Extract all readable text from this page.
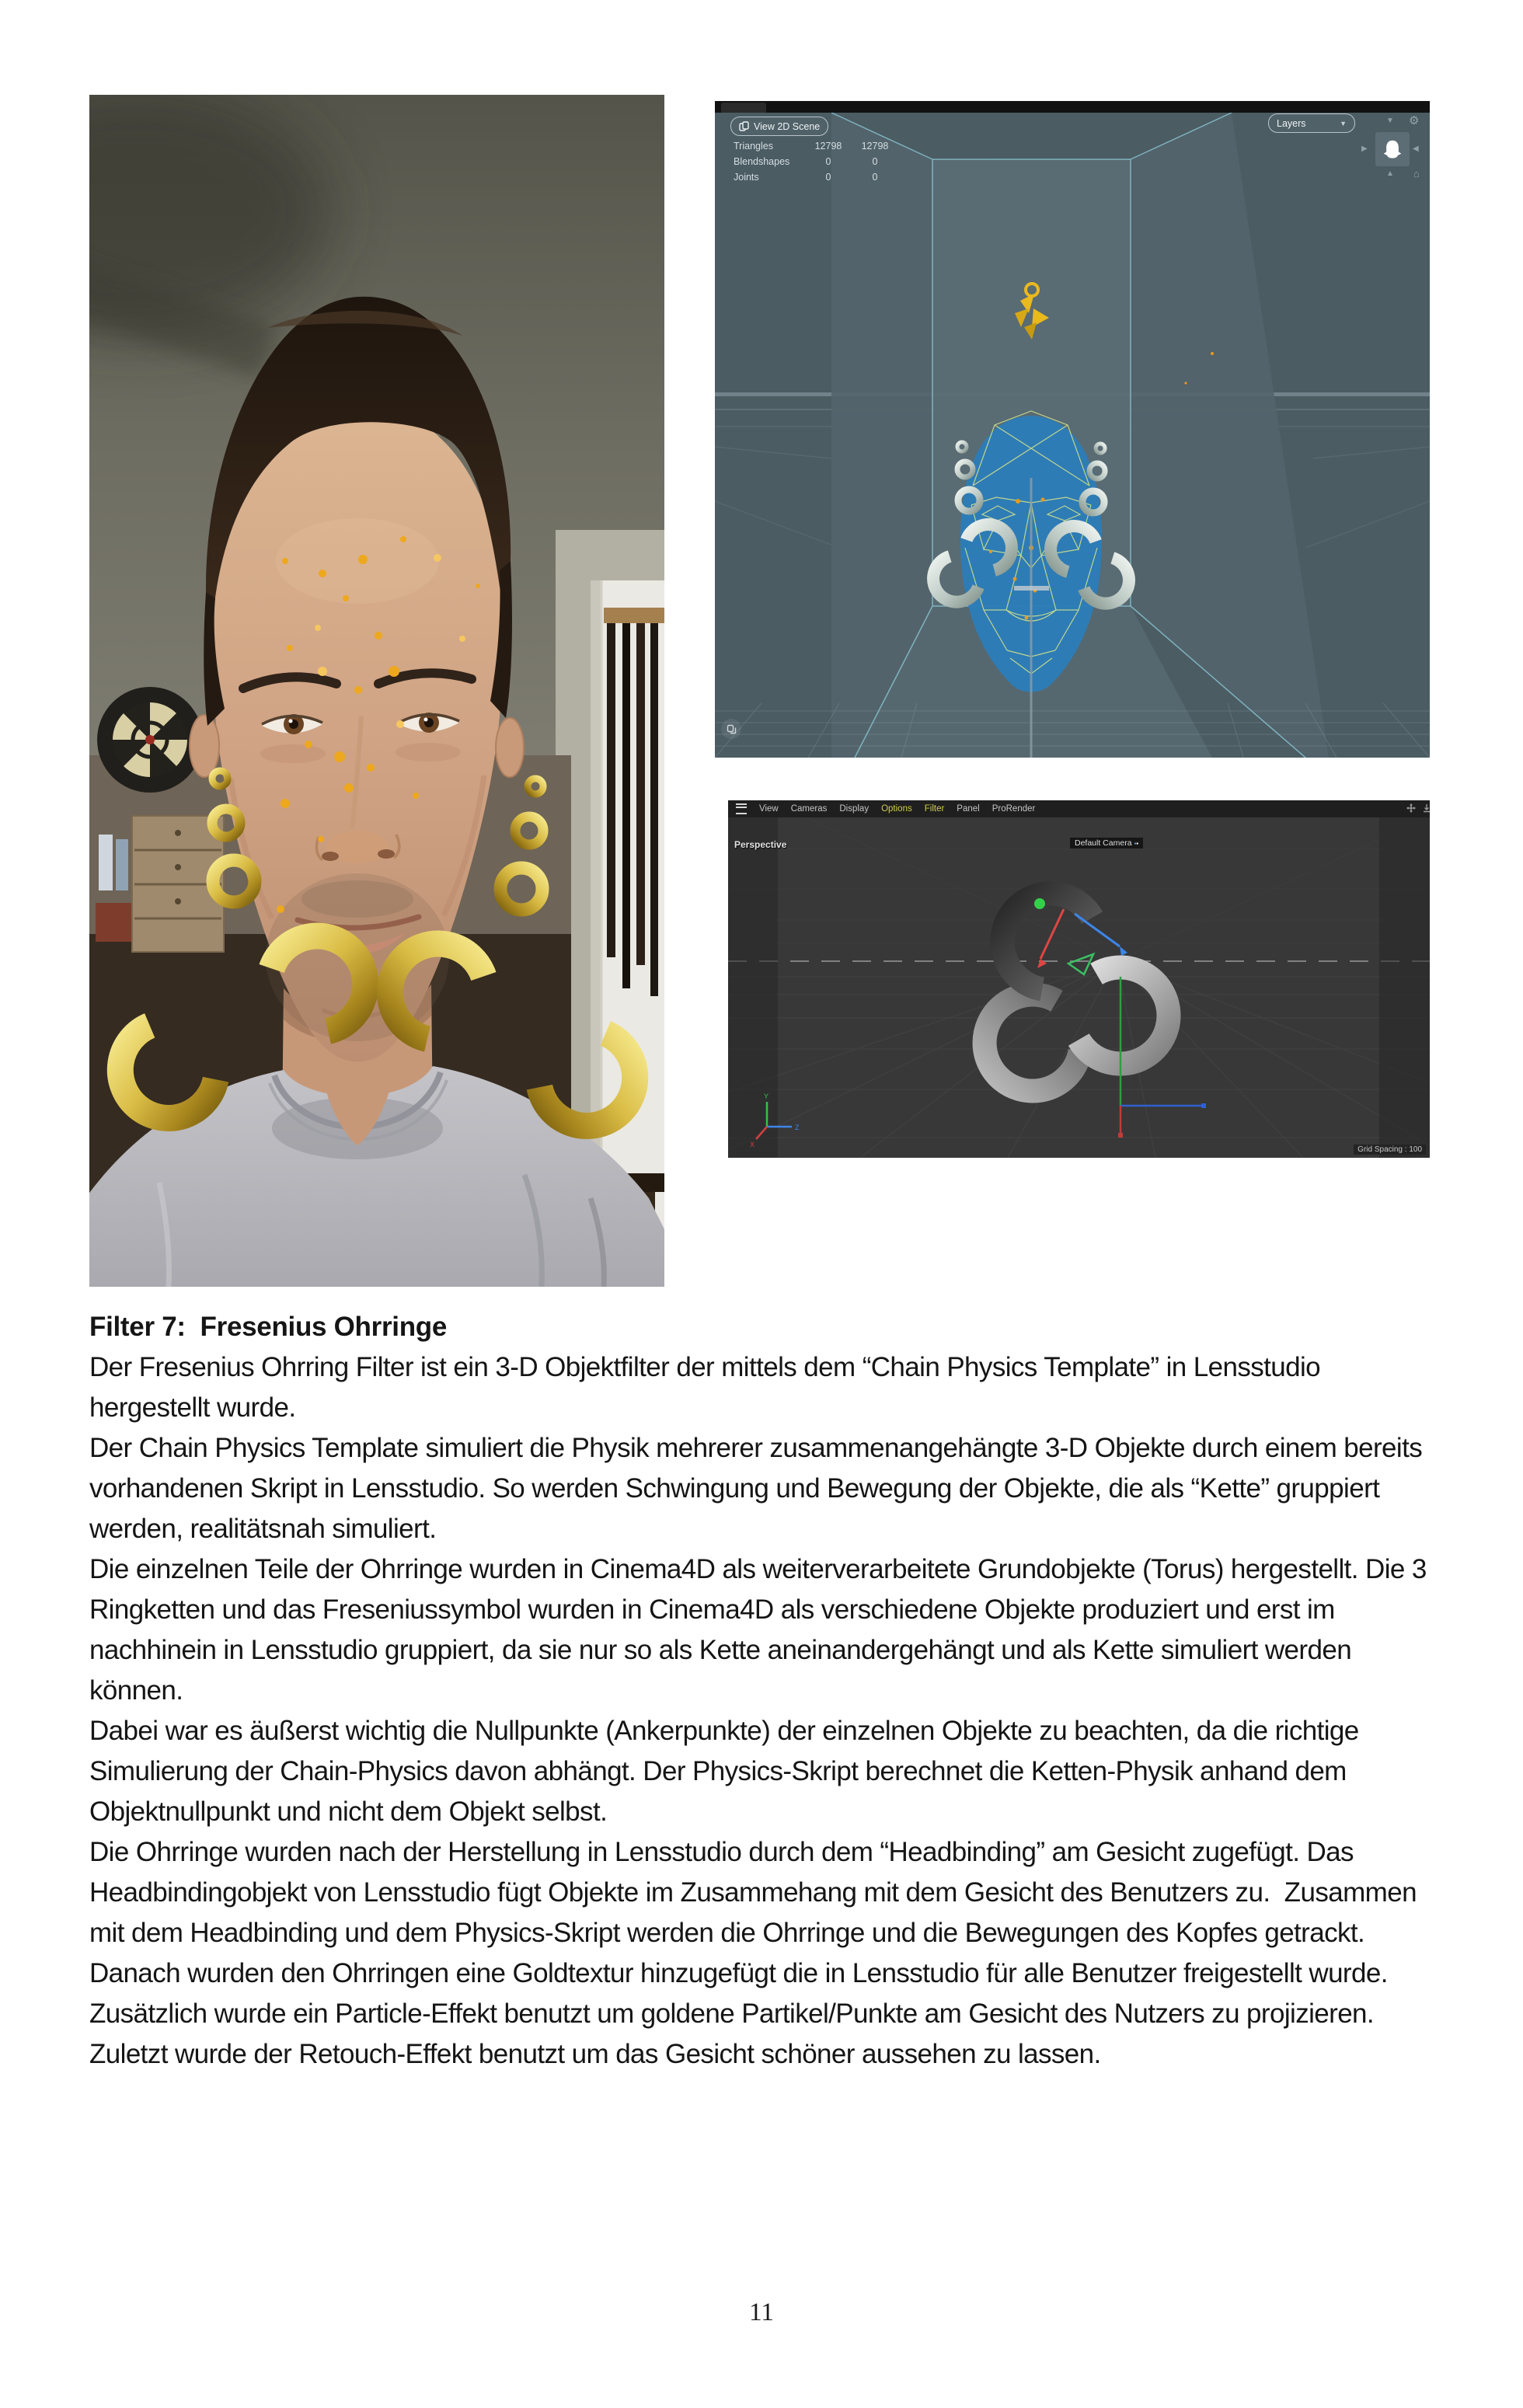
View 2D Scene
Triangles	12798	12798
Blendshapes	0	0
Joints	0	0
Layers	▼	⚙
▼
▶	◀
▲ ⌂
View Cameras Display Options Filter Panel ProRender
Y
Z
X
Perspective	Default Camera ▪▪
Grid Spacing : 100
Filter 7:  Fresenius Ohrringe

Der Fresenius Ohrring Filter ist ein 3-D Objektfilter der mittels dem “Chain Physics Template” in Lensstudio hergestellt wurde.

Der Chain Physics Template simuliert die Physik mehrerer zusammenangehängte 3-D Objekte durch einem bereits vorhandenen Skript in Lensstudio. So werden Schwingung und Bewegung der Objekte, die als “Kette” gruppiert werden, realitätsnah simuliert.

Die einzelnen Teile der Ohrringe wurden in Cinema4D als weiterverarbeitete Grundobjekte (Torus) hergestellt. Die 3 Ringketten und das Freseniussymbol wurden in Cinema4D als verschiedene Objekte produziert und erst im nachhinein in Lensstudio gruppiert, da sie nur so als Kette aneinandergehängt und als Kette simuliert werden können.

Dabei war es äußerst wichtig die Nullpunkte (Ankerpunkte) der einzelnen Objekte zu beachten, da die richtige Simulierung der Chain-Physics davon abhängt. Der Physics-Skript berechnet die Ketten-Physik anhand dem Objektnullpunkt und nicht dem Objekt selbst.

Die Ohrringe wurden nach der Herstellung in Lensstudio durch dem “Headbinding” am Gesicht zugefügt. Das Headbindingobjekt von Lensstudio fügt Objekte im Zusammehang mit dem Gesicht des Benutzers zu.  Zusammen mit dem Headbinding und dem Physics-Skript werden die Ohrringe und die Bewegungen des Kopfes getrackt.

Danach wurden den Ohrringen eine Goldtextur hinzugefügt die in Lensstudio für alle Benutzer freigestellt wurde. Zusätzlich wurde ein Particle-Effekt benutzt um goldene Partikel/Punkte am Gesicht des Nutzers zu projizieren.

Zuletzt wurde der Retouch-Effekt benutzt um das Gesicht schöner aussehen zu lassen.

11
